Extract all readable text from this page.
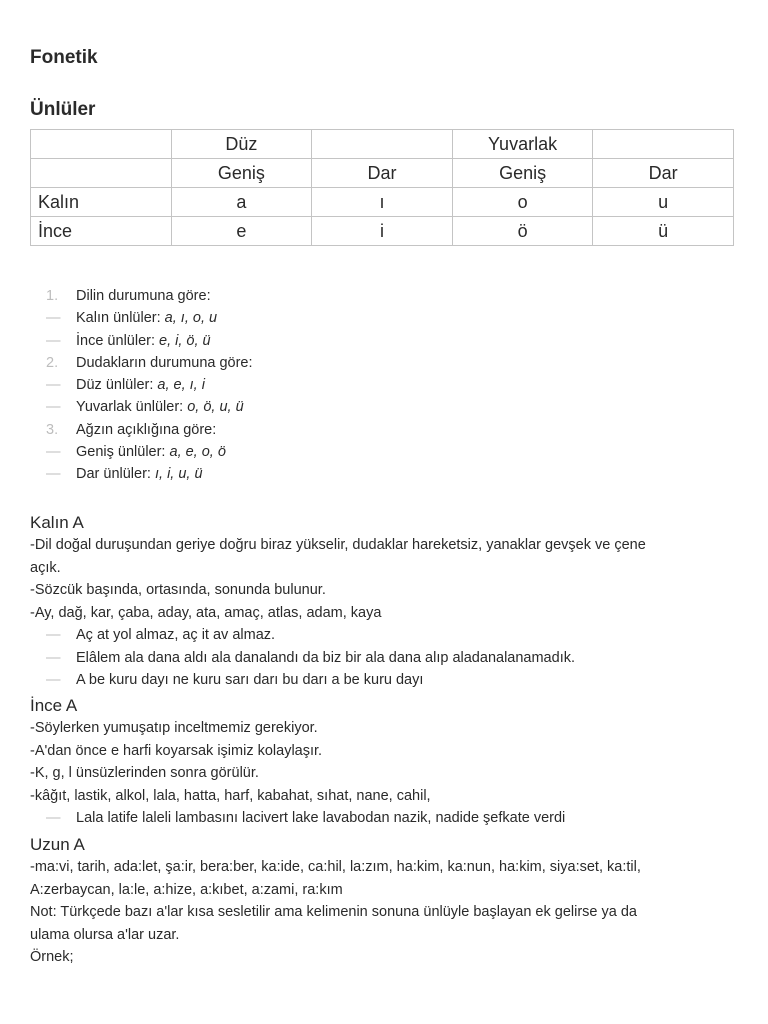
Fonetik
Ünlüler
	Düz		Yuvarlak	
	Geniş	Dar	Geniş	Dar
Kalın	a	ı	o	u
İnce	e	i	ö	ü
1.	Dilin durumuna göre:
— Kalın ünlüler: a, ı, o, u
— İnce ünlüler: e, i, ö, ü
2.	Dudakların durumuna göre:
— Düz ünlüler: a, e, ı, i
— Yuvarlak ünlüler: o, ö, u, ü
3.	Ağzın açıklığına göre:
— Geniş ünlüler: a, e, o, ö
— Dar ünlüler: ı, i, u, ü
Kalın A
-Dil doğal duruşundan geriye doğru biraz yükselir, dudaklar hareketsiz, yanaklar gevşek ve çene
açık.
-Sözcük başında, ortasında, sonunda bulunur.
-Ay, dağ, kar, çaba, aday, ata, amaç, atlas, adam, kaya
— Aç at yol almaz, aç it av almaz.
— Elâlem ala dana aldı ala danalandı da biz bir ala dana alıp aladanalanamadık.
— A be kuru dayı ne kuru sarı darı bu darı a be kuru dayı
İnce A
-Söylerken yumuşatıp inceltmemiz gerekiyor.
-A'dan önce e harfi koyarsak işimiz kolaylaşır.
-K, g, l ünsüzlerinden sonra görülür.
-kâğıt, lastik, alkol, lala, hatta, harf, kabahat, sıhat, nane, cahil,
— Lala latife laleli lambasını lacivert lake lavabodan nazik, nadide şefkate verdi
Uzun A
-ma:vi, tarih, ada:let, şa:ir, bera:ber, ka:ide, ca:hil, la:zım, ha:kim, ka:nun, ha:kim, siya:set, ka:til,
A:zerbaycan, la:le, a:hize, a:kıbet, a:zami, ra:kım
Not: Türkçede bazı a'lar kısa sesletilir ama kelimenin sonuna ünlüyle başlayan ek gelirse ya da
ulama olursa a'lar uzar.
Örnek;
